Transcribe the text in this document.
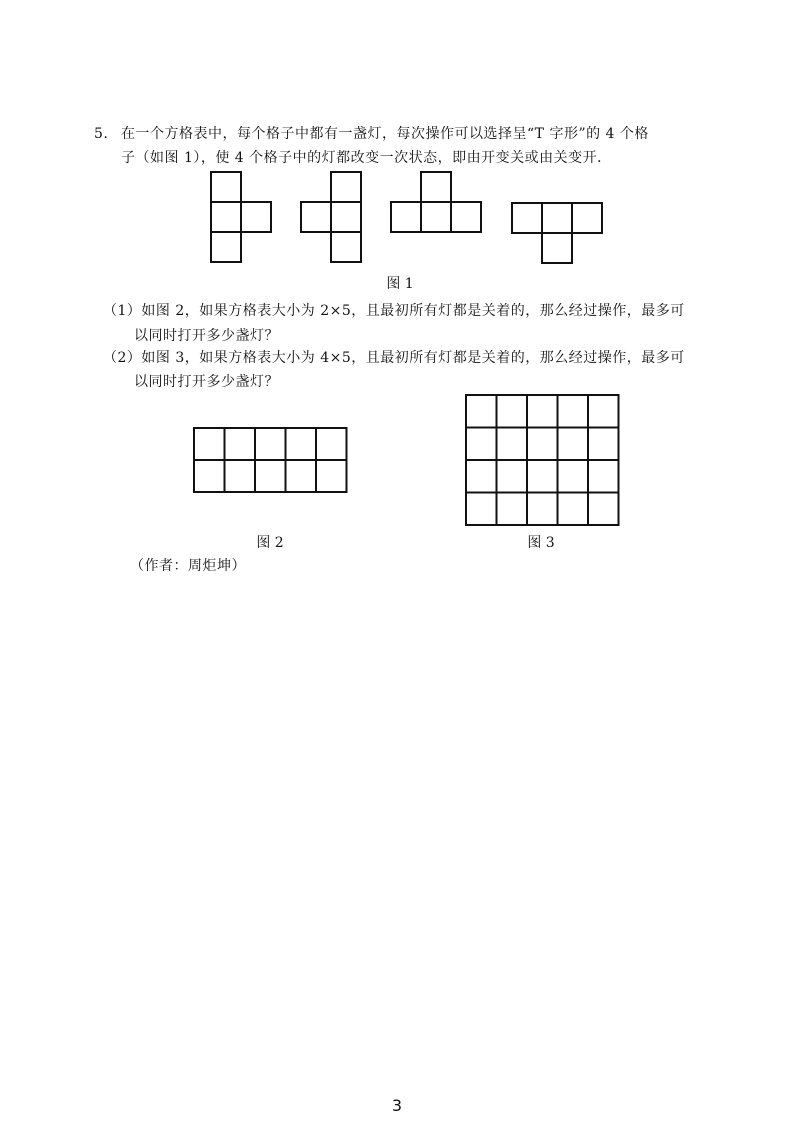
5. 在一个方格表中，每个格子中都有一盏灯，每次操作可以选择呈“T 字形”的 4 个格
子（如图 1），使 4 个格子中的灯都改变一次状态，即由开变关或由关变开．
图 1
（1）如图 2，如果方格表大小为 2×5，且最初所有灯都是关着的，那么经过操作，最多可
以同时打开多少盏灯？
（2）如图 3，如果方格表大小为 4×5，且最初所有灯都是关着的，那么经过操作，最多可
以同时打开多少盏灯？
图 2	图 3
（作者：周炬坤）
3
